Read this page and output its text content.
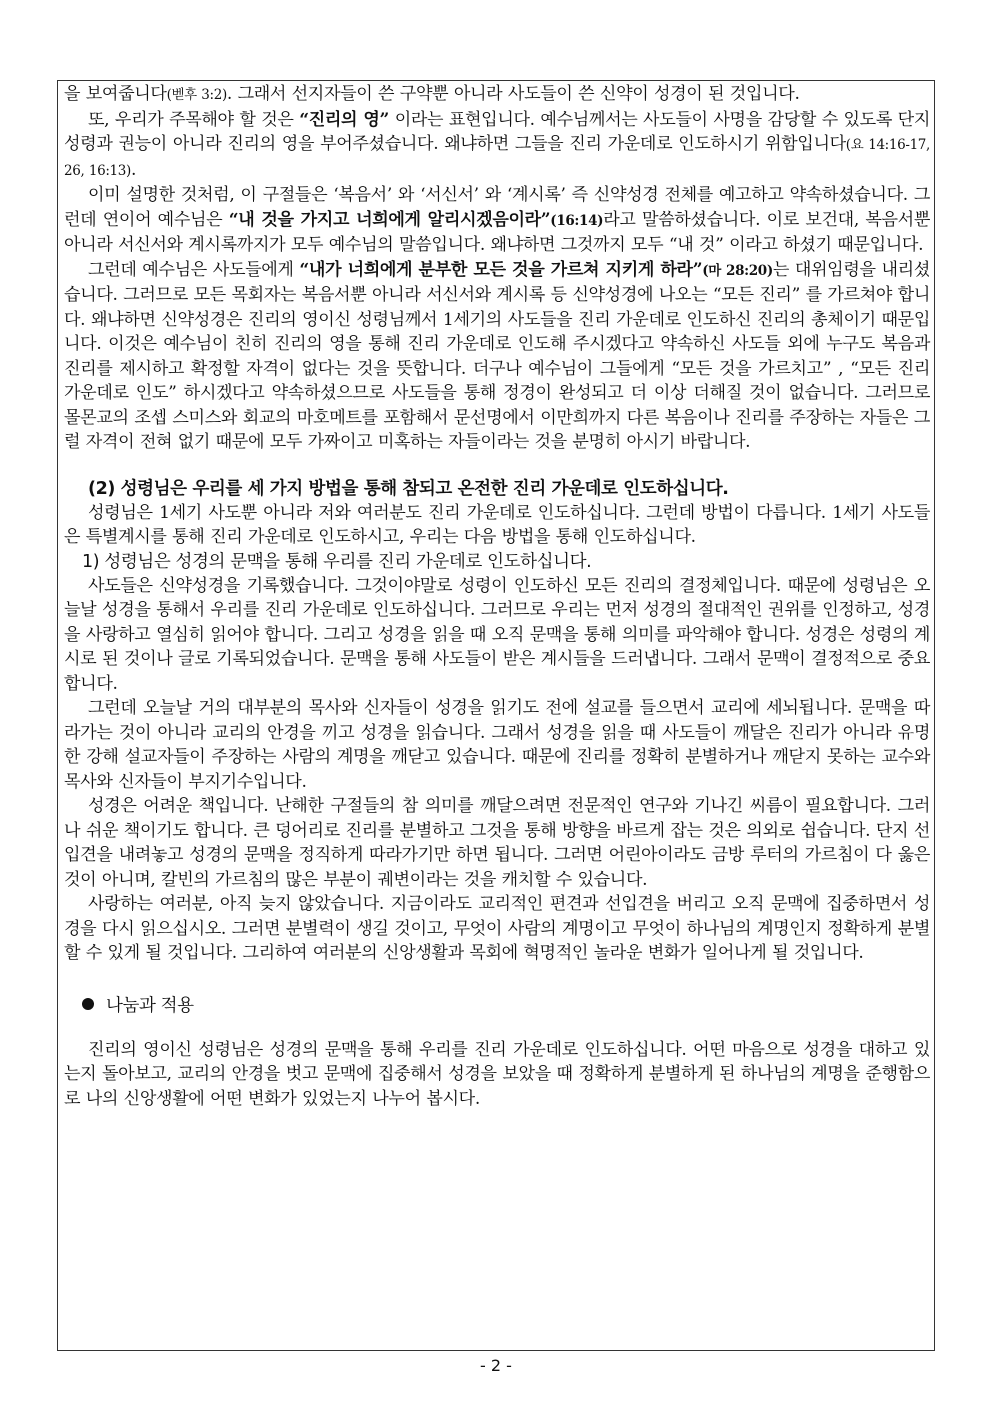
을 보여줍니다(벧후 3:2). 그래서 선지자들이 쓴 구약뿐 아니라 사도들이 쓴 신약이 성경이 된 것입니다.

또, 우리가 주목해야 할 것은 “진리의 영” 이라는 표현입니다. 예수님께서는 사도들이 사명을 감당할 수 있도록 단지 성령과 권능이 아니라 진리의 영을 부어주셨습니다. 왜냐하면 그들을 진리 가운데로 인도하시기 위함입니다(요 14:16-17, 26, 16:13).

이미 설명한 것처럼, 이 구절들은 ‘복음서’ 와 ‘서신서’ 와 ‘계시록’ 즉 신약성경 전체를 예고하고 약속하셨습니다. 그런데 연이어 예수님은 “내 것을 가지고 너희에게 알리시겠음이라”(16:14)라고 말씀하셨습니다. 이로 보건대, 복음서뿐 아니라 서신서와 계시록까지가 모두 예수님의 말씀입니다. 왜냐하면 그것까지 모두 “내 것” 이라고 하셨기 때문입니다.

그런데 예수님은 사도들에게 “내가 너희에게 분부한 모든 것을 가르쳐 지키게 하라”(마 28:20)는 대위임령을 내리셨습니다. 그러므로 모든 목회자는 복음서뿐 아니라 서신서와 계시록 등 신약성경에 나오는 “모든 진리” 를 가르쳐야 합니다. 왜냐하면 신약성경은 진리의 영이신 성령님께서 1세기의 사도들을 진리 가운데로 인도하신 진리의 총체이기 때문입니다. 이것은 예수님이 친히 진리의 영을 통해 진리 가운데로 인도해 주시겠다고 약속하신 사도들 외에 누구도 복음과 진리를 제시하고 확정할 자격이 없다는 것을 뜻합니다. 더구나 예수님이 그들에게 “모든 것을 가르치고” , “모든 진리 가운데로 인도” 하시겠다고 약속하셨으므로 사도들을 통해 정경이 완성되고 더 이상 더해질 것이 없습니다. 그러므로 몰몬교의 조셉 스미스와 회교의 마호메트를 포함해서 문선명에서 이만희까지 다른 복음이나 진리를 주장하는 자들은 그럴 자격이 전혀 없기 때문에 모두 가짜이고 미혹하는 자들이라는 것을 분명히 아시기 바랍니다.

(2) 성령님은 우리를 세 가지 방법을 통해 참되고 온전한 진리 가운데로 인도하십니다.

성령님은 1세기 사도뿐 아니라 저와 여러분도 진리 가운데로 인도하십니다. 그런데 방법이 다릅니다. 1세기 사도들은 특별계시를 통해 진리 가운데로 인도하시고, 우리는 다음 방법을 통해 인도하십니다.

1) 성령님은 성경의 문맥을 통해 우리를 진리 가운데로 인도하십니다.

사도들은 신약성경을 기록했습니다. 그것이야말로 성령이 인도하신 모든 진리의 결정체입니다. 때문에 성령님은 오늘날 성경을 통해서 우리를 진리 가운데로 인도하십니다. 그러므로 우리는 먼저 성경의 절대적인 권위를 인정하고, 성경을 사랑하고 열심히 읽어야 합니다. 그리고 성경을 읽을 때 오직 문맥을 통해 의미를 파악해야 합니다. 성경은 성령의 계시로 된 것이나 글로 기록되었습니다. 문맥을 통해 사도들이 받은 계시들을 드러냅니다. 그래서 문맥이 결정적으로 중요합니다.

그런데 오늘날 거의 대부분의 목사와 신자들이 성경을 읽기도 전에 설교를 들으면서 교리에 세뇌됩니다. 문맥을 따라가는 것이 아니라 교리의 안경을 끼고 성경을 읽습니다. 그래서 성경을 읽을 때 사도들이 깨달은 진리가 아니라 유명한 강해 설교자들이 주장하는 사람의 계명을 깨닫고 있습니다. 때문에 진리를 정확히 분별하거나 깨닫지 못하는 교수와 목사와 신자들이 부지기수입니다.

성경은 어려운 책입니다. 난해한 구절들의 참 의미를 깨달으려면 전문적인 연구와 기나긴 씨름이 필요합니다. 그러나 쉬운 책이기도 합니다. 큰 덩어리로 진리를 분별하고 그것을 통해 방향을 바르게 잡는 것은 의외로 쉽습니다. 단지 선입견을 내려놓고 성경의 문맥을 정직하게 따라가기만 하면 됩니다. 그러면 어린아이라도 금방 루터의 가르침이 다 옳은 것이 아니며, 칼빈의 가르침의 많은 부분이 궤변이라는 것을 캐치할 수 있습니다.

사랑하는 여러분, 아직 늦지 않았습니다. 지금이라도 교리적인 편견과 선입견을 버리고 오직 문맥에 집중하면서 성경을 다시 읽으십시오. 그러면 분별력이 생길 것이고, 무엇이 사람의 계명이고 무엇이 하나님의 계명인지 정확하게 분별할 수 있게 될 것입니다. 그리하여 여러분의 신앙생활과 목회에 혁명적인 놀라운 변화가 일어나게 될 것입니다.

나눔과 적용

진리의 영이신 성령님은 성경의 문맥을 통해 우리를 진리 가운데로 인도하십니다. 어떤 마음으로 성경을 대하고 있는지 돌아보고, 교리의 안경을 벗고 문맥에 집중해서 성경을 보았을 때 정확하게 분별하게 된 하나님의 계명을 준행함으로 나의 신앙생활에 어떤 변화가 있었는지 나누어 봅시다.

- 2 -
